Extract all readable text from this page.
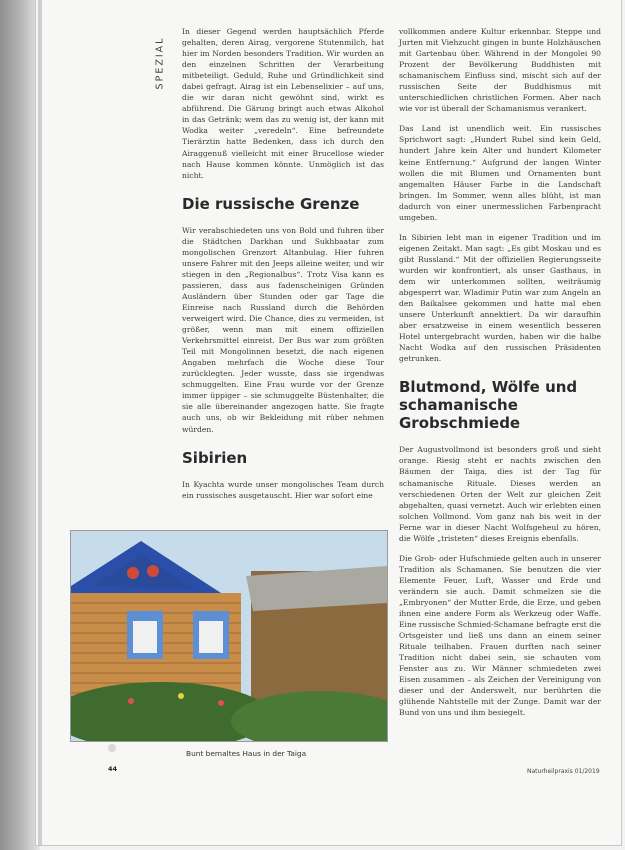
SPEZIAL

In dieser Gegend werden hauptsächlich Pferde gehalten, deren Airag, vergorene Stutenmilch, hat hier im Norden besonders Tradition. Wir wurden an den einzelnen Schritten der Verarbeitung mitbeteiligt. Geduld, Ruhe und Gründlichkeit sind dabei gefragt. Airag ist ein Lebenselixier – auf uns, die wir daran nicht gewöhnt sind, wirkt es abführend. Die Gärung bringt auch etwas Alkohol in das Getränk; wem das zu wenig ist, der kann mit Wodka weiter „veredeln“. Eine befreundete Tierärztin hatte Bedenken, dass ich durch den Airaggenuß vielleicht mit einer Brucellose wieder nach Hause kommen könnte. Unmöglich ist das nicht.

Die russische Grenze

Wir verabschiedeten uns von Bold und fuhren über die Städtchen Darkhan und Sukhbaatar zum mongolischen Grenzort Altanbulag. Hier fuhren unsere Fahrer mit den Jeeps alleine weiter, und wir stiegen in den „Regionalbus“. Trotz Visa kann es passieren, dass aus fadenscheinigen Gründen Ausländern über Stunden oder gar Tage die Einreise nach Russland durch die Behörden verweigert wird. Die Chance, dies zu vermeiden, ist größer, wenn man mit einem offiziellen Verkehrsmittel einreist. Der Bus war zum größten Teil mit Mongolinnen besetzt, die nach eigenen Angaben mehrfach die Woche diese Tour zurücklegten. Jeder wusste, dass sie irgendwas schmuggelten. Eine Frau wurde vor der Grenze immer üppiger – sie schmuggelte Büstenhalter, die sie alle übereinander angezogen hatte. Sie fragte auch uns, ob wir Bekleidung mit rüber nehmen würden.

Sibirien

In Kyachta wurde unser mongolisches Team durch ein russisches ausgetauscht. Hier war sofort eine

vollkommen andere Kultur erkennbar. Steppe und Jurten mit Viehzucht gingen in bunte Holzhäuschen mit Gartenbau über. Während in der Mongolei 90 Prozent der Bevölkerung Buddhisten mit schamanischem Einfluss sind, mischt sich auf der russischen Seite der Buddhismus mit unterschiedlichen christlichen Formen. Aber nach wie vor ist überall der Schamanismus verankert.

Das Land ist unendlich weit. Ein russisches Sprichwort sagt: „Hundert Rubel sind kein Geld, hundert Jahre kein Alter und hundert Kilometer keine Entfernung.“ Aufgrund der langen Winter wollen die mit Blumen und Ornamenten bunt angemalten Häuser Farbe in die Landschaft bringen. Im Sommer, wenn alles blüht, ist man dadurch von einer unermesslichen Farbenpracht umgeben.

In Sibirien lebt man in eigener Tradition und im eigenen Zeitakt. Man sagt: „Es gibt Moskau und es gibt Russland.“ Mit der offiziellen Regierungsseite wurden wir konfrontiert, als unser Gasthaus, in dem wir unterkommen sollten, weiträumig abgesperrt war. Wladimir Putin war zum Angeln an den Baikalsee gekommen und hatte mal eben unsere Unterkunft annektiert. Da wir daraufhin aber ersatzweise in einem wesentlich besseren Hotel untergebracht wurden, haben wir die halbe Nacht Wodka auf den russischen Präsidenten getrunken.

Blutmond, Wölfe und schamanische Grobschmiede

Der Augustvollmond ist besonders groß und sieht orange. Riesig steht er nachts zwischen den Bäumen der Taiga, dies ist der Tag für schamanische Rituale. Dieses werden an verschiedenen Orten der Welt zur gleichen Zeit abgehalten, quasi vernetzt. Auch wir erlebten einen solchen Vollmond. Vom ganz nah bis weit in der Ferne war in dieser Nacht Wolfsgeheul zu hören, die Wölfe „tristeten“ dieses Ereignis ebenfalls.

Die Grob- oder Hufschmiede gelten auch in unserer Tradition als Schamanen. Sie benutzen die vier Elemente Feuer, Luft, Wasser und Erde und verändern sie auch. Damit schmelzen sie die „Embryonen“ der Mutter Erde, die Erze, und geben ihnen eine andere Form als Werkzeug oder Waffe. Eine russische Schmied-Schamane befragte erst die Ortsgeister und ließ uns dann an einem seiner Rituale teilhaben. Frauen durften nach seiner Tradition nicht dabei sein, sie schauten vom Fenster aus zu. Wir Männer schmiedeten zwei Eisen zusammen – als Zeichen der Vereinigung von dieser und der Anderswelt, nur berührten die glühende Nahtstelle mit der Zunge. Damit war der Bund von uns und ihm besiegelt.

Bunt bemaltes Haus in der Taiga
44	Naturheilpraxis 01/2019
